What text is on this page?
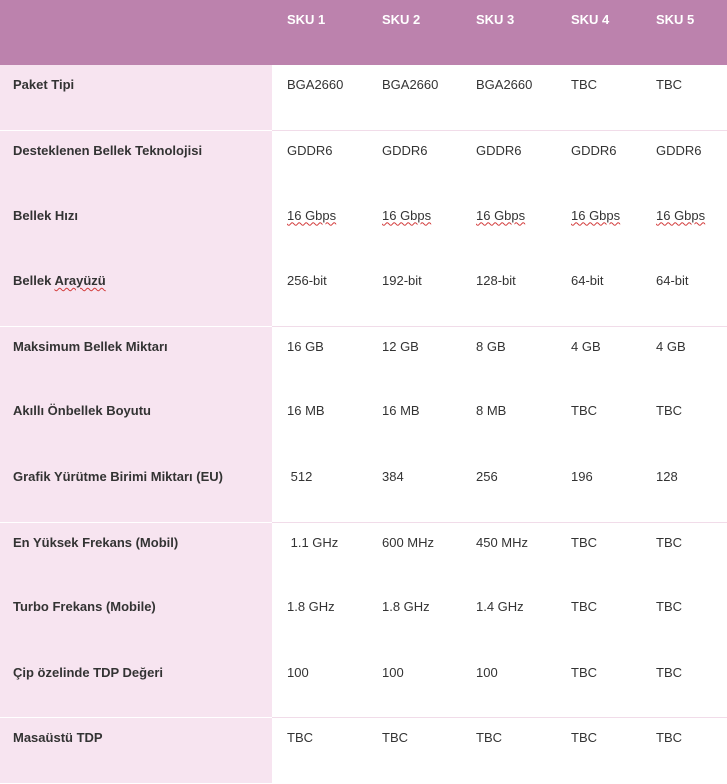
	SKU 1	SKU 2	SKU 3	SKU 4	SKU 5
Paket Tipi	BGA2660	BGA2660	BGA2660	TBC	TBC
Desteklenen Bellek Teknolojisi	GDDR6	GDDR6	GDDR6	GDDR6	GDDR6
Bellek Hızı	16 Gbps	16 Gbps	16 Gbps	16 Gbps	16 Gbps
Bellek Arayüzü	256-bit	192-bit	128-bit	64-bit	64-bit
Maksimum Bellek Miktarı	16 GB	12 GB	8 GB	4 GB	4 GB
Akıllı Önbellek Boyutu	16 MB	16 MB	8 MB	TBC	TBC
Grafik Yürütme Birimi Miktarı (EU)	512	384	256	196	128
En Yüksek Frekans (Mobil)	1.1 GHz	600 MHz	450 MHz	TBC	TBC
Turbo Frekans (Mobile)	1.8 GHz	1.8 GHz	1.4 GHz	TBC	TBC
Çip özelinde TDP Değeri	100	100	100	TBC	TBC
Masaüstü TDP	TBC	TBC	TBC	TBC	TBC
